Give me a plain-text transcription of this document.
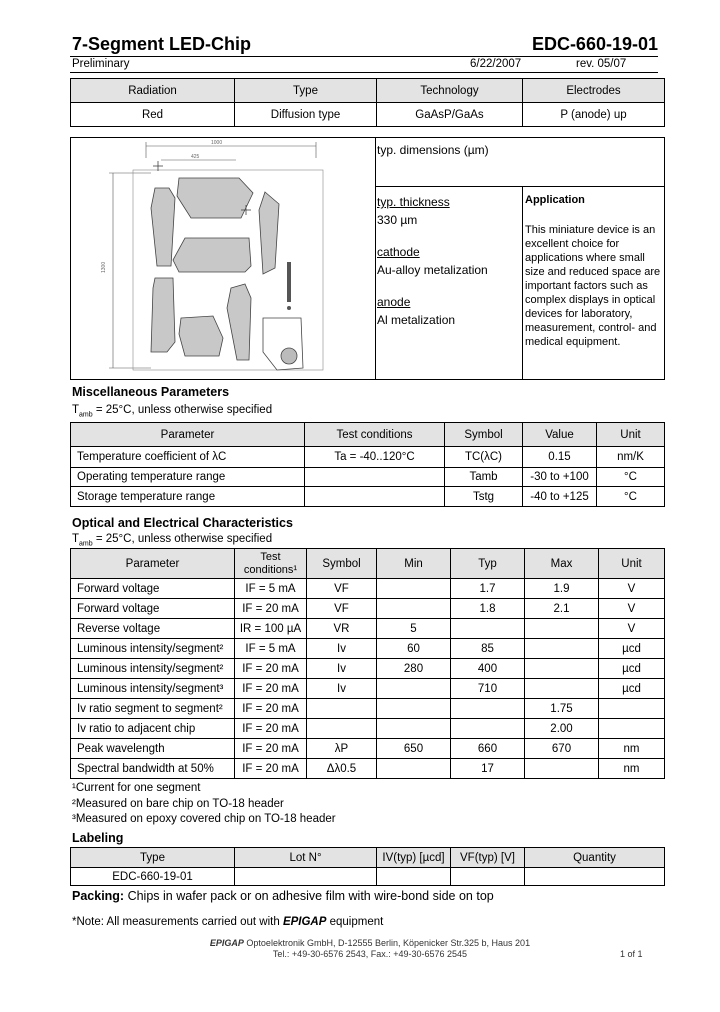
7-Segment LED-Chip	EDC-660-19-01
Preliminary	6/22/2007	rev. 05/07
Radiation	Type	Technology	Electrodes
Red	Diffusion type	GaAsP/GaAs	P (anode) up
1000
425
1300
typ. dimensions (µm)
typ. thickness
330 µm
cathode
Au-alloy metalization
anode
Al metalization
Application
This miniature device is an excellent choice for applications where small size and reduced space are important factors such as complex displays in optical devices for laboratory, measurement, control- and medical equipment.
Miscellaneous Parameters
$T_{amb} = 25^\circ C$, unless otherwise specified
Parameter	Test conditions	Symbol	Value	Unit
Temperature coefficient of λC	Ta = -40..120°C	TC(λC)	0.15	nm/K
Operating temperature range		Tamb	-30 to +100	°C
Storage temperature range		Tstg	-40 to +125	°C
Optical and Electrical Characteristics
$T_{amb} = 25^\circ C$, unless otherwise specified
Parameter	Test conditions¹	Symbol	Min	Typ	Max	Unit
Forward voltage	IF = 5 mA	VF		1.7	1.9	V
Forward voltage	IF = 20 mA	VF		1.8	2.1	V
Reverse voltage	IR = 100 µA	VR	5			V
Luminous intensity/segment²	IF = 5 mA	Iv	60	85		µcd
Luminous intensity/segment²	IF = 20 mA	Iv	280	400		µcd
Luminous intensity/segment³	IF = 20 mA	Iv		710		µcd
Iv ratio segment to segment²	IF = 20 mA				1.75	
Iv ratio to adjacent chip	IF = 20 mA				2.00	
Peak wavelength	IF = 20 mA	λP	650	660	670	nm
Spectral bandwidth at 50%	IF = 20 mA	Δλ0.5		17		nm
¹Current for one segment
²Measured on bare chip on TO-18 header
³Measured on epoxy covered chip on TO-18 header
Labeling
Type	Lot N°	IV(typ) [µcd]	VF(typ) [V]	Quantity
EDC-660-19-01				
Packing: Chips in wafer pack or on adhesive film with wire-bond side on top
*Note: All measurements carried out with EPIGAP equipment
EPIGAP Optoelektronik GmbH, D-12555 Berlin, Köpenicker Str.325 b, Haus 201
Tel.: +49-30-6576 2543, Fax.: +49-30-6576 2545	1 of 1
